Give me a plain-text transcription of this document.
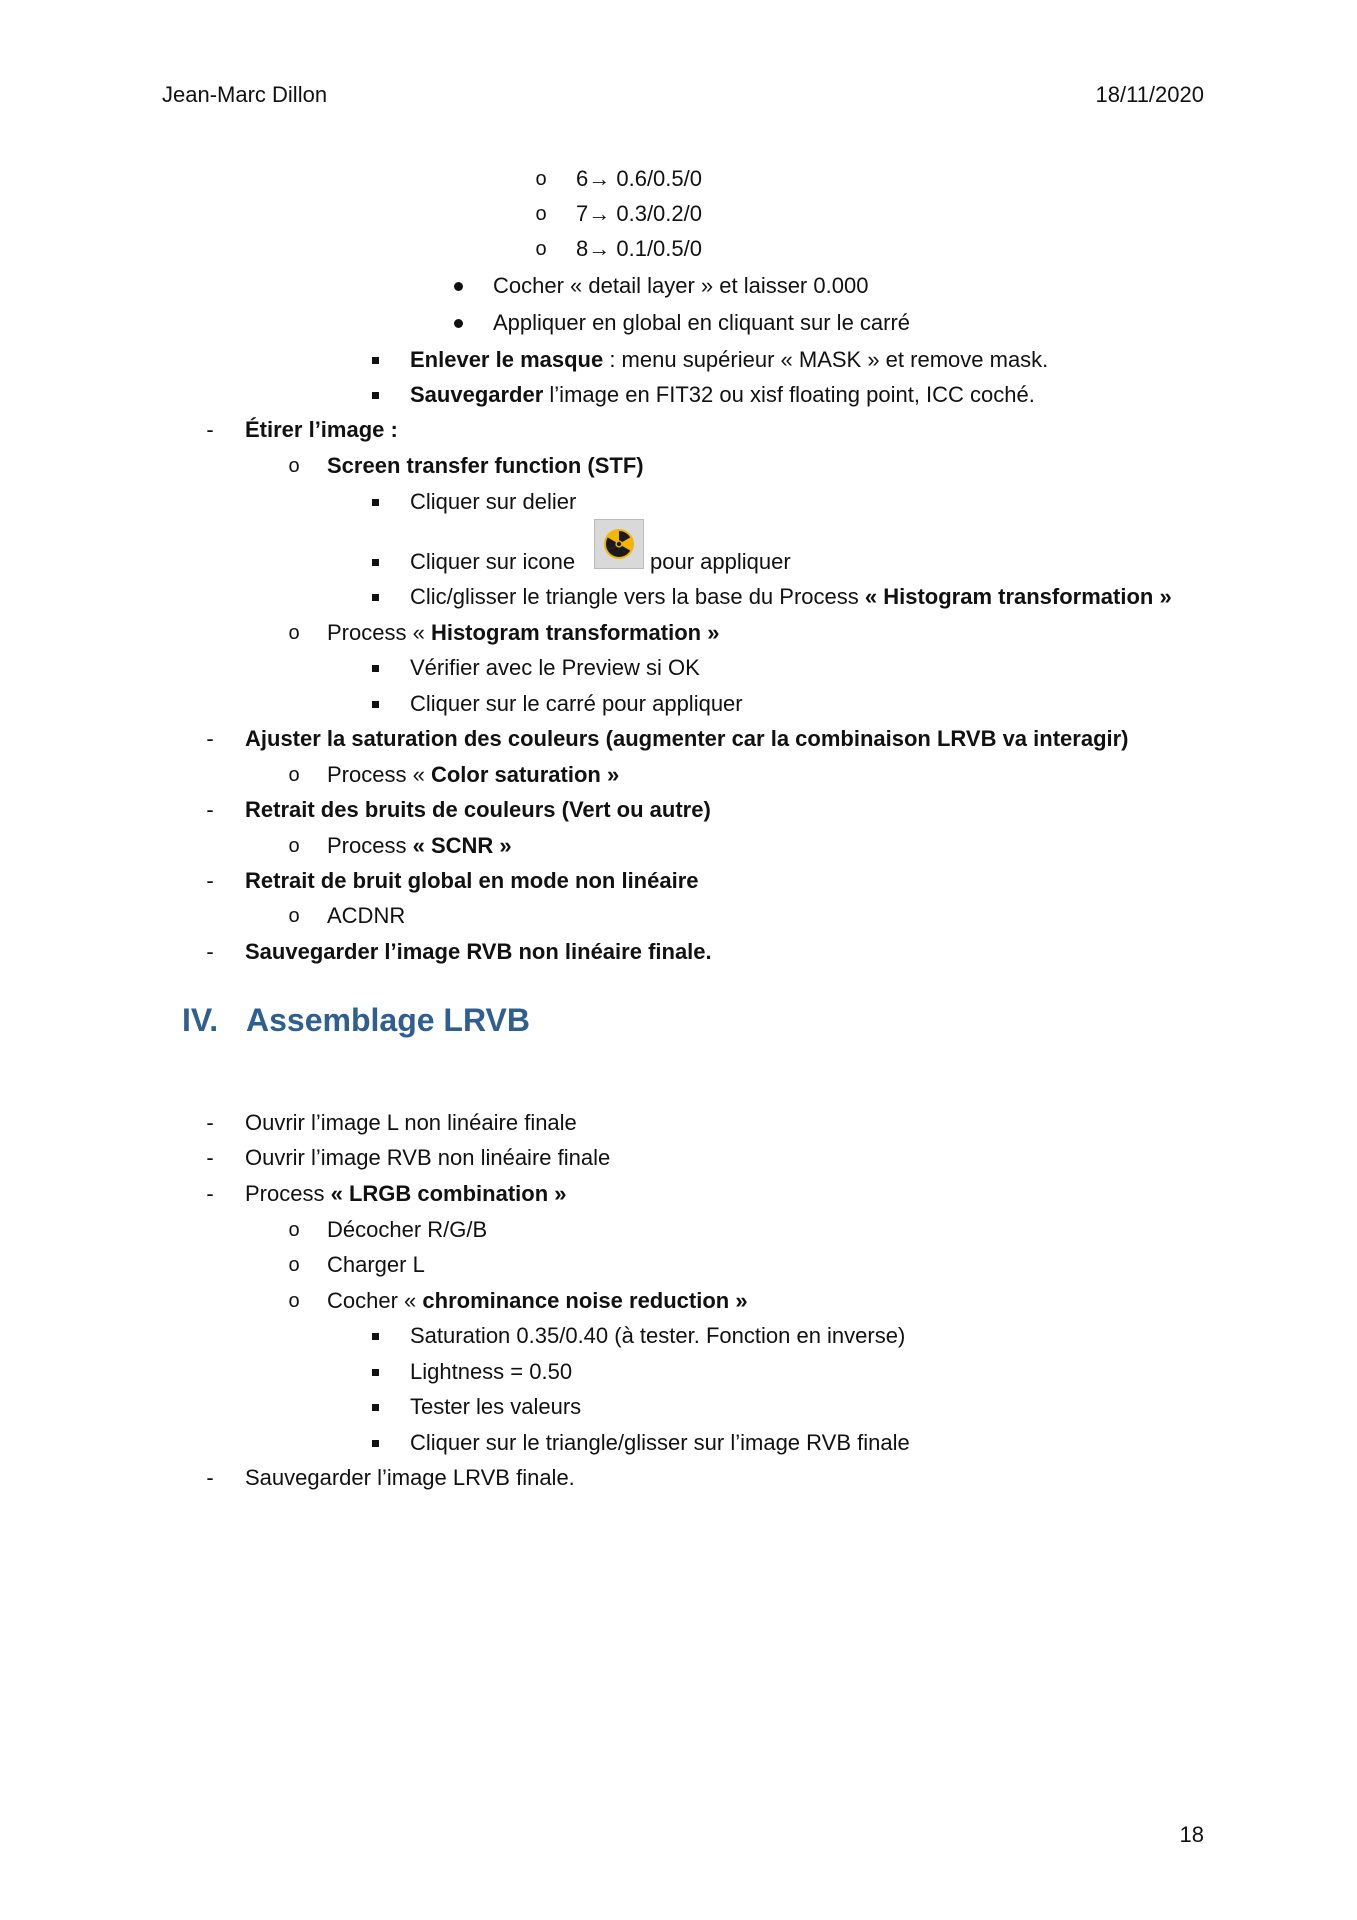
Jean-Marc Dillon	18/11/2020
o 6→ 0.6/0.5/0
o 7→ 0.3/0.2/0
o 8→ 0.1/0.5/0
Cocher « detail layer » et laisser 0.000
Appliquer en global en cliquant sur le carré
Enlever le masque : menu supérieur « MASK » et remove mask.
Sauvegarder l’image en FIT32 ou xisf floating point, ICC coché.
- Étirer l’image :
o Screen transfer function (STF)
Cliquer sur delier
Cliquer sur icone	pour appliquer
Clic/glisser le triangle vers la base du Process « Histogram transformation »
o Process « Histogram transformation »
Vérifier avec le Preview si OK
Cliquer sur le carré pour appliquer
- Ajuster la saturation des couleurs (augmenter car la combinaison LRVB va interagir)
o Process « Color saturation »
- Retrait des bruits de couleurs (Vert ou autre)
o Process « SCNR »
- Retrait de bruit global en mode non linéaire
o ACDNR
- Sauvegarder l’image RVB non linéaire finale.
IV. Assemblage LRVB
- Ouvrir l’image L non linéaire finale
- Ouvrir l’image RVB non linéaire finale
- Process « LRGB combination »
o Décocher R/G/B
o Charger L
o Cocher « chrominance noise reduction »
Saturation 0.35/0.40 (à tester. Fonction en inverse)
Lightness = 0.50
Tester les valeurs
Cliquer sur le triangle/glisser sur l’image RVB finale
- Sauvegarder l’image LRVB finale.
18
